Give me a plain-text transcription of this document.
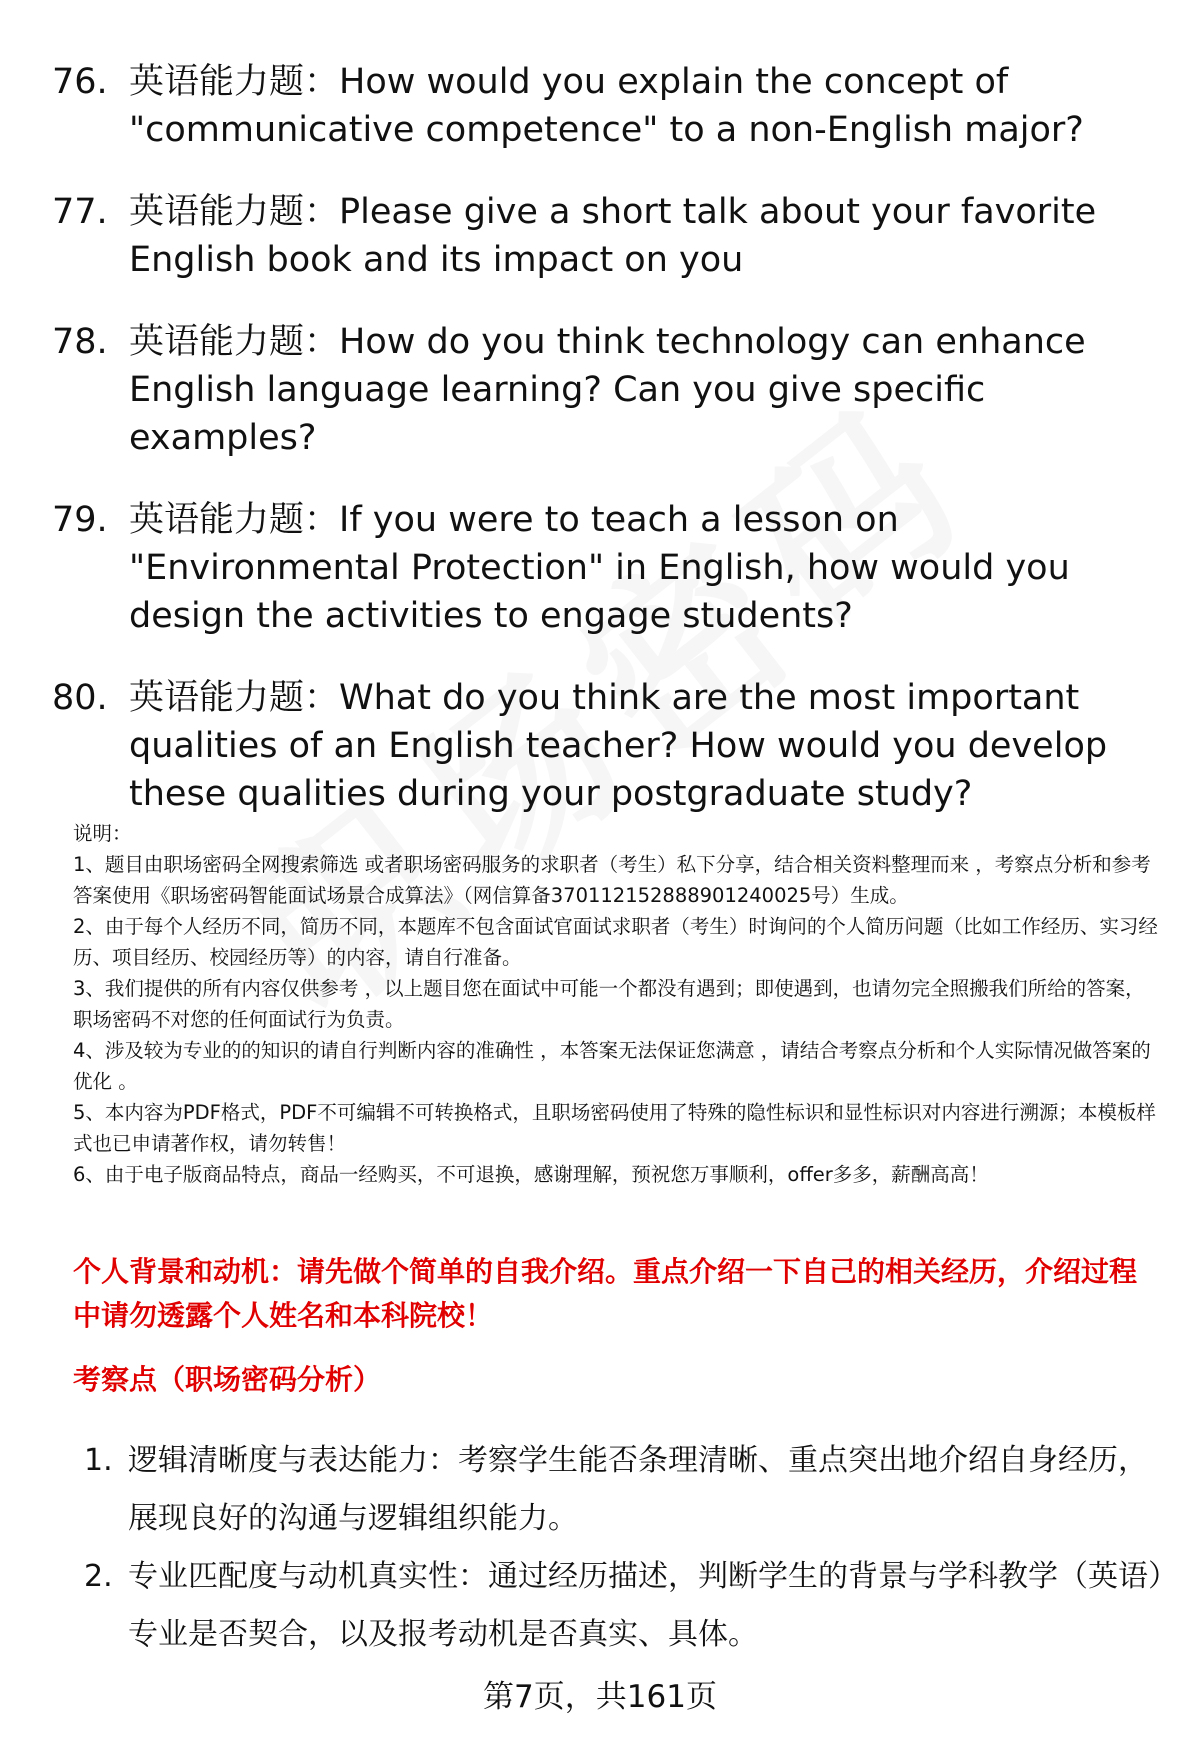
76. 英语能力题：How would you explain the concept of "communicative competence" to a non-English major?
77. 英语能力题：Please give a short talk about your favorite English book and its impact on you
78. 英语能力题：How do you think technology can enhance English language learning? Can you give specific examples?
79. 英语能力题：If you were to teach a lesson on "Environmental Protection" in English, how would you design the activities to engage students?
80. 英语能力题：What do you think are the most important qualities of an English teacher? How would you develop these qualities during your postgraduate study?

说明：

1、题目由职场密码全网搜索筛选 或者职场密码服务的求职者（考生）私下分享，结合相关资料整理而来 ，考察点分析和参考答案使用《职场密码智能面试场景合成算法》（网信算备370112152888901240025号）生成。

2、由于每个人经历不同，简历不同，本题库不包含面试官面试求职者（考生）时询问的个人简历问题（比如工作经历、实习经历、项目经历、校园经历等）的内容，请自行准备。

3、我们提供的所有内容仅供参考 ，以上题目您在面试中可能一个都没有遇到；即使遇到，也请勿完全照搬我们所给的答案，职场密码不对您的任何面试行为负责。

4、涉及较为专业的的知识的请自行判断内容的准确性 ，本答案无法保证您满意 ，请结合考察点分析和个人实际情况做答案的优化 。

5、本内容为PDF格式，PDF不可编辑不可转换格式，且职场密码使用了特殊的隐性标识和显性标识对内容进行溯源；本模板样式也已申请著作权，请勿转售！

6、由于电子版商品特点，商品一经购买，不可退换，感谢理解，预祝您万事顺利，offer多多，薪酬高高！

个人背景和动机：请先做个简单的自我介绍。重点介绍一下自己的相关经历，介绍过程中请勿透露个人姓名和本科院校！
考察点（职场密码分析）
1. 逻辑清晰度与表达能力：考察学生能否条理清晰、重点突出地介绍自身经历，展现良好的沟通与逻辑组织能力。
2. 专业匹配度与动机真实性：通过经历描述，判断学生的背景与学科教学（英语）专业是否契合，以及报考动机是否真实、具体。
第7页，共161页
